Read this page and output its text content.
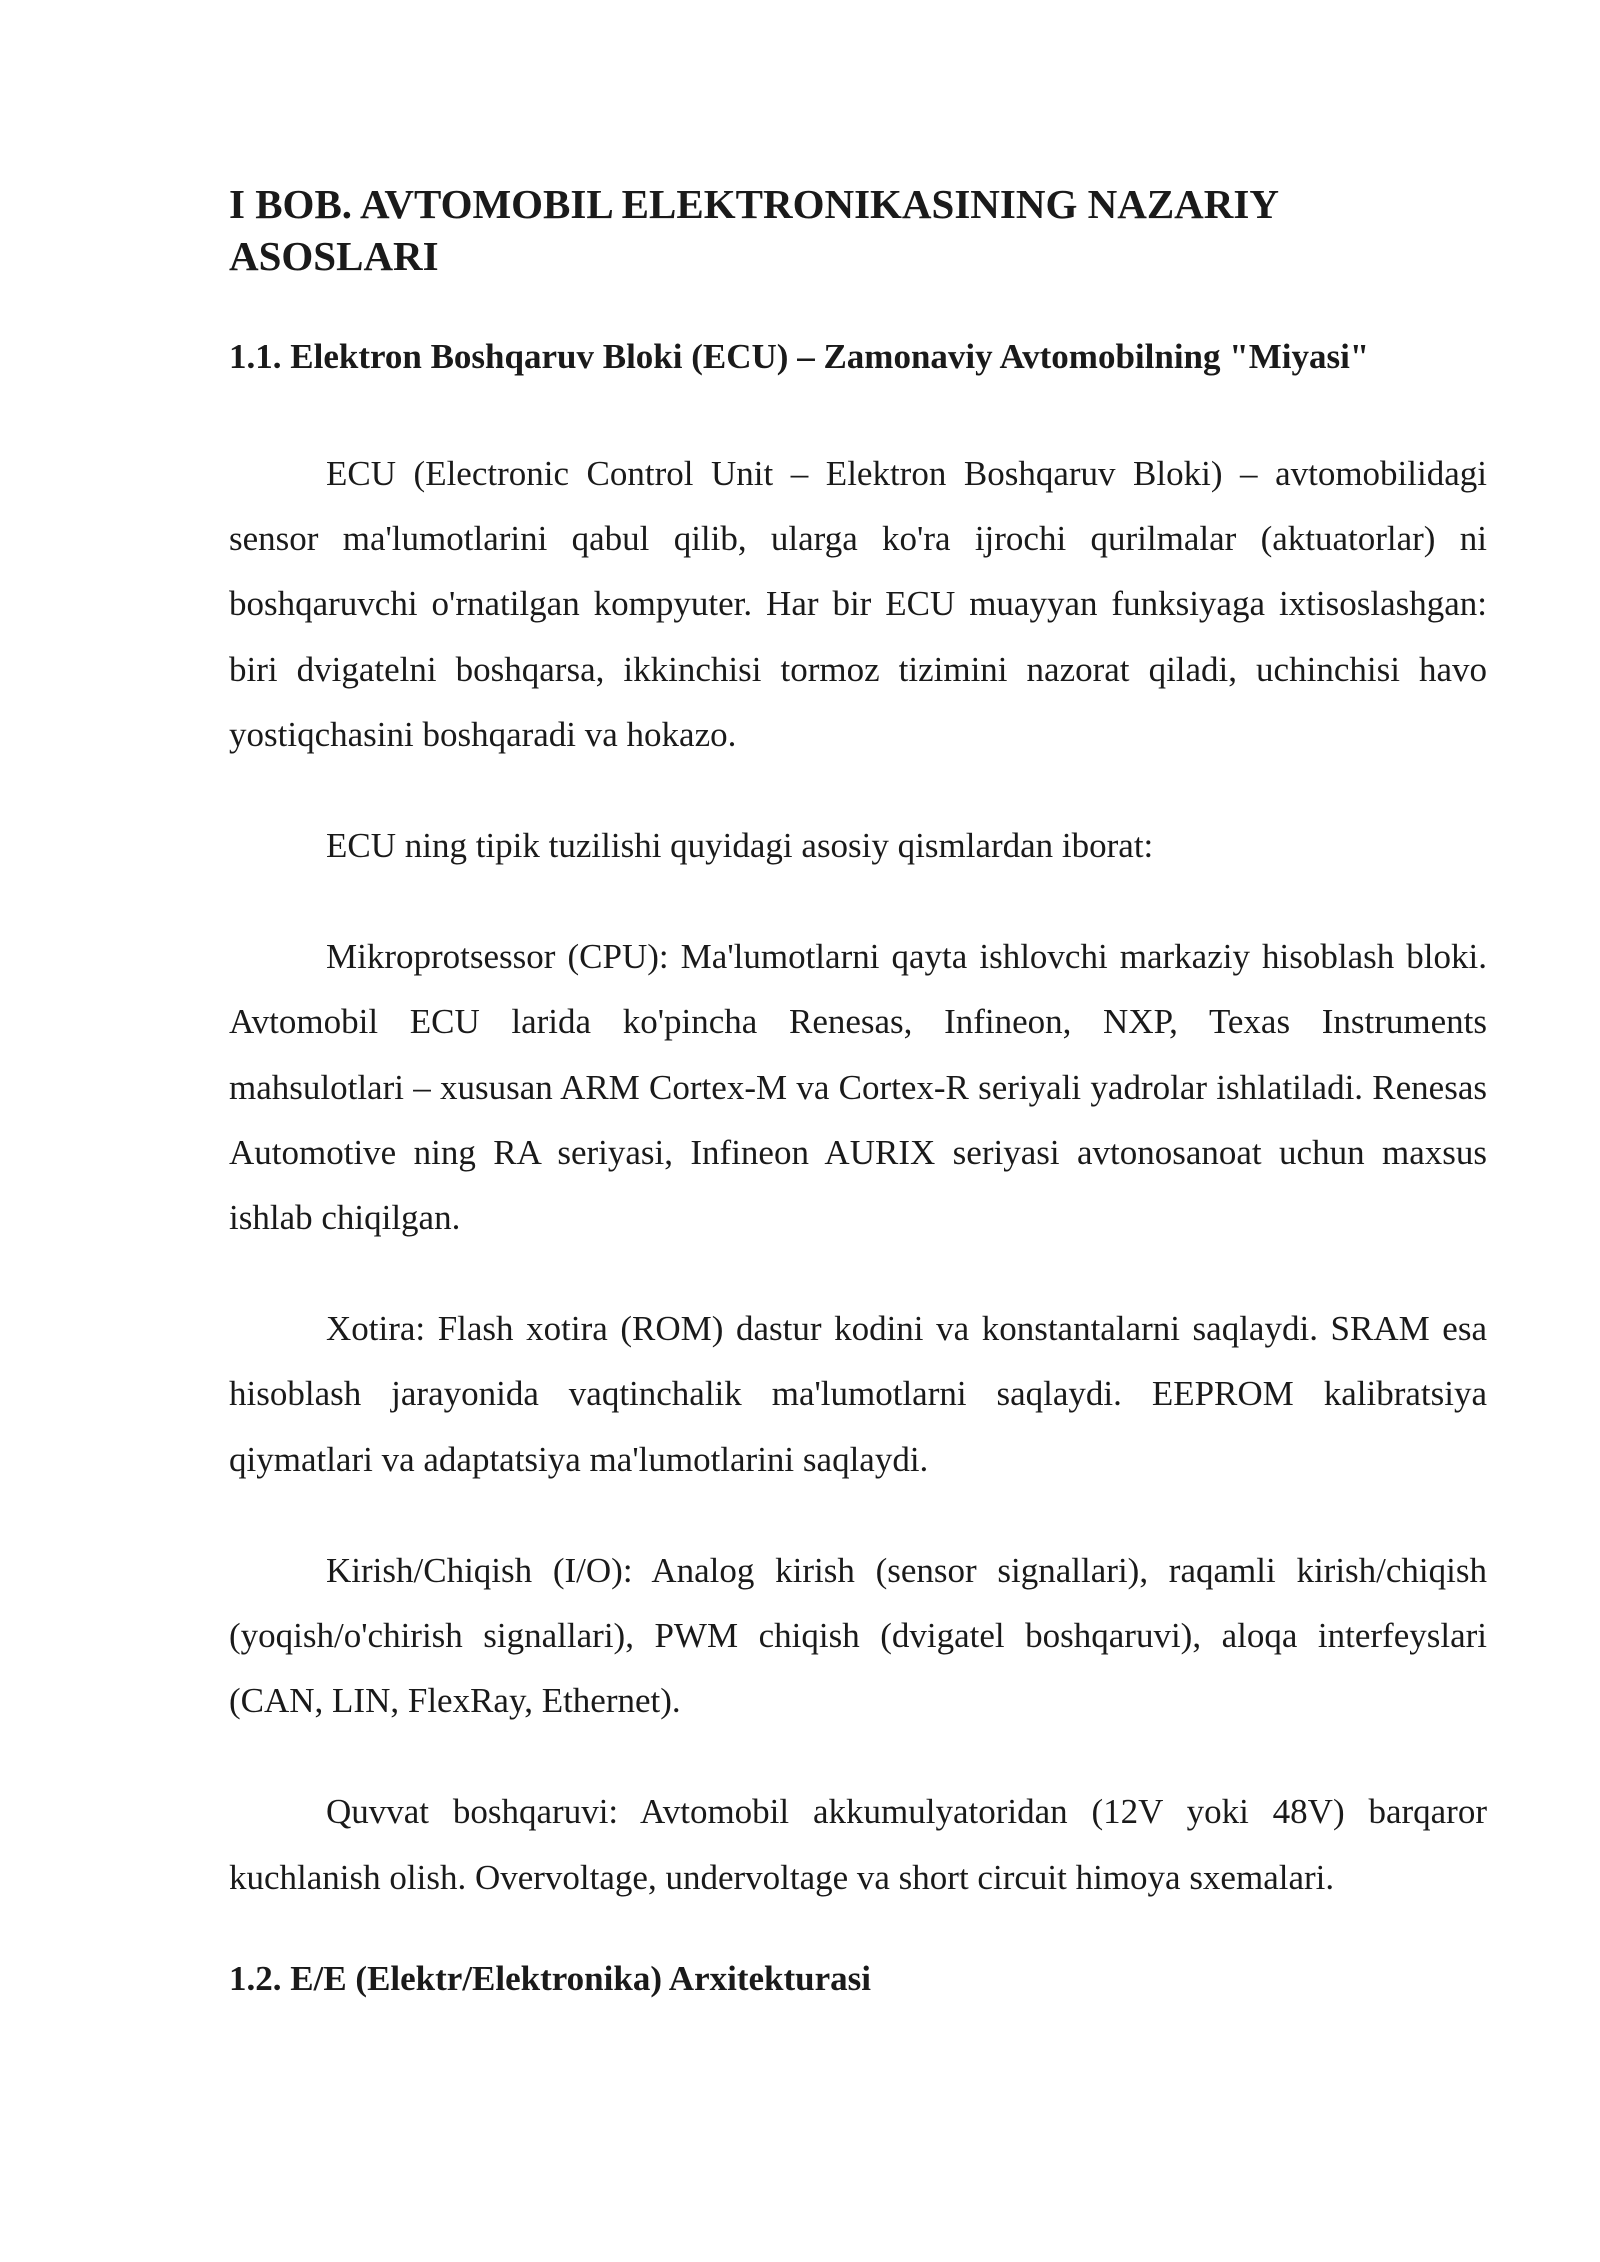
I BOB. AVTOMOBIL ELEKTRONIKASINING NAZARIY ASOSLARI
1.1. Elektron Boshqaruv Bloki (ECU) – Zamonaviy Avtomobilning "Miyasi"

ECU (Electronic Control Unit – Elektron Boshqaruv Bloki) – avtomobilidagi sensor ma'lumotlarini qabul qilib, ularga ko'ra ijrochi qurilmalar (aktuatorlar) ni boshqaruvchi o'rnatilgan kompyuter. Har bir ECU muayyan funksiyaga ixtisoslashgan: biri dvigatelni boshqarsa, ikkinchisi tormoz tizimini nazorat qiladi, uchinchisi havo yostiqchasini boshqaradi va hokazo.

ECU ning tipik tuzilishi quyidagi asosiy qismlardan iborat:

Mikroprotsessor (CPU): Ma'lumotlarni qayta ishlovchi markaziy hisoblash bloki. Avtomobil ECU larida ko'pincha Renesas, Infineon, NXP, Texas Instruments mahsulotlari – xususan ARM Cortex-M va Cortex-R seriyali yadrolar ishlatiladi. Renesas Automotive ning RA seriyasi, Infineon AURIX seriyasi avtonosanoat uchun maxsus ishlab chiqilgan.

Xotira: Flash xotira (ROM) dastur kodini va konstantalarni saqlaydi. SRAM esa hisoblash jarayonida vaqtinchalik ma'lumotlarni saqlaydi. EEPROM kalibratsiya qiymatlari va adaptatsiya ma'lumotlarini saqlaydi.

Kirish/Chiqish (I/O): Analog kirish (sensor signallari), raqamli kirish/chiqish (yoqish/o'chirish signallari), PWM chiqish (dvigatel boshqaruvi), aloqa interfeyslari (CAN, LIN, FlexRay, Ethernet).

Quvvat boshqaruvi: Avtomobil akkumulyatoridan (12V yoki 48V) barqaror kuchlanish olish. Overvoltage, undervoltage va short circuit himoya sxemalari.

1.2. E/E (Elektr/Elektronika) Arxitekturasi
